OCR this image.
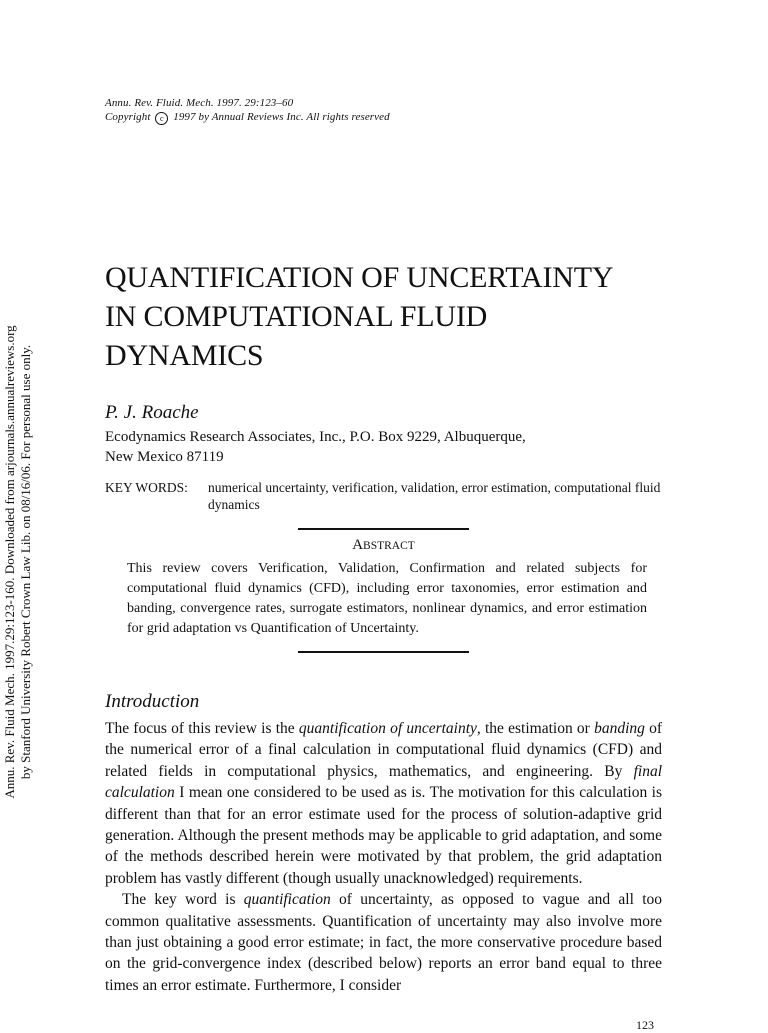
Annu. Rev. Fluid Mech. 1997.29:123-160. Downloaded from arjournals.annualreviews.org by Stanford University Robert Crown Law Lib. on 08/16/06. For personal use only.
Annu. Rev. Fluid. Mech. 1997. 29:123–60
Copyright c 1997 by Annual Reviews Inc. All rights reserved
QUANTIFICATION OF UNCERTAINTY
IN COMPUTATIONAL FLUID
DYNAMICS
P. J. Roache
Ecodynamics Research Associates, Inc., P.O. Box 9229, Albuquerque,
New Mexico 87119
KEY WORDS: numerical uncertainty, verification, validation, error estimation, computational fluid dynamics
ABSTRACT
This review covers Verification, Validation, Confirmation and related subjects for computational fluid dynamics (CFD), including error taxonomies, error estimation and banding, convergence rates, surrogate estimators, nonlinear dynamics, and error estimation for grid adaptation vs Quantification of Uncertainty.
Introduction

The focus of this review is the quantification of uncertainty, the estimation or banding of the numerical error of a final calculation in computational fluid dynamics (CFD) and related fields in computational physics, mathematics, and engineering. By final calculation I mean one considered to be used as is. The motivation for this calculation is different than that for an error estimate used for the process of solution-adaptive grid generation. Although the present methods may be applicable to grid adaptation, and some of the methods described herein were motivated by that problem, the grid adaptation problem has vastly different (though usually unacknowledged) requirements.

The key word is quantification of uncertainty, as opposed to vague and all too common qualitative assessments. Quantification of uncertainty may also involve more than just obtaining a good error estimate; in fact, the more conservative procedure based on the grid-convergence index (described below) reports an error band equal to three times an error estimate. Furthermore, I consider

123
